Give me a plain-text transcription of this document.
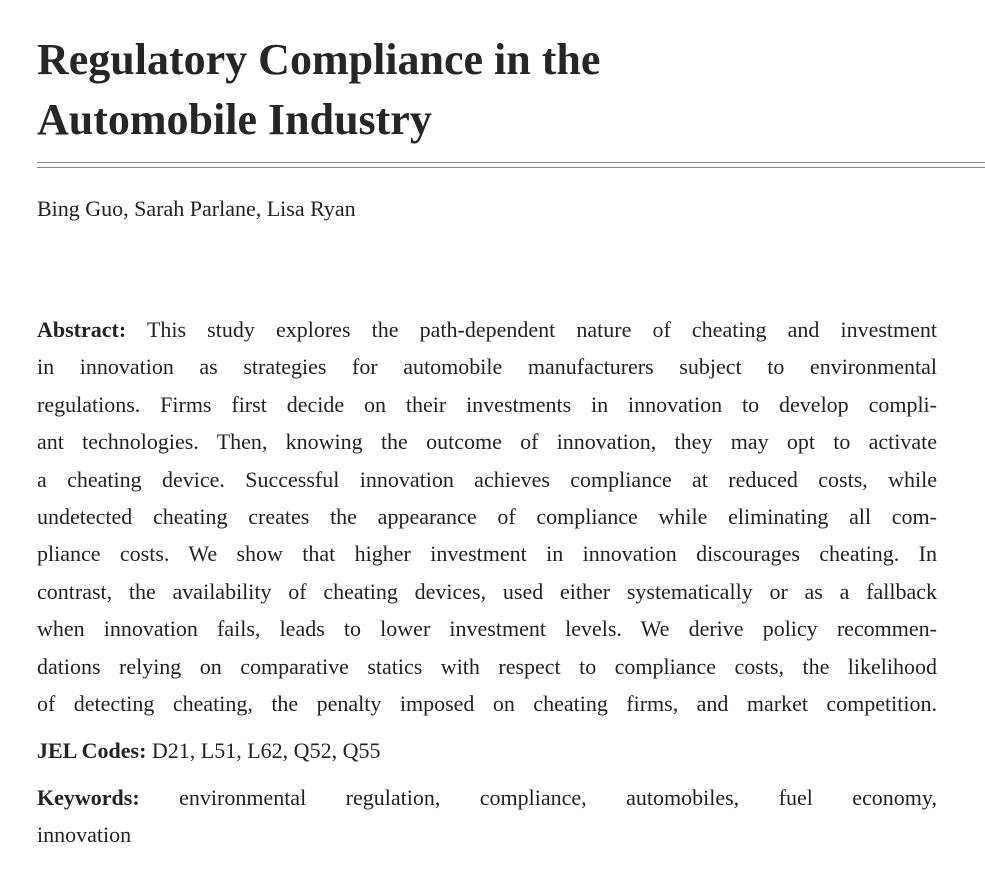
Regulatory Compliance in the
Automobile Industry
Bing Guo, Sarah Parlane, Lisa Ryan
Abstract: This study explores the path-dependent nature of cheating and investment
in innovation as strategies for automobile manufacturers subject to environmental
regulations. Firms first decide on their investments in innovation to develop compli-
ant technologies. Then, knowing the outcome of innovation, they may opt to activate
a cheating device. Successful innovation achieves compliance at reduced costs, while
undetected cheating creates the appearance of compliance while eliminating all com-
pliance costs. We show that higher investment in innovation discourages cheating. In
contrast, the availability of cheating devices, used either systematically or as a fallback
when innovation fails, leads to lower investment levels. We derive policy recommen-
dations relying on comparative statics with respect to compliance costs, the likelihood
of detecting cheating, the penalty imposed on cheating firms, and market competition.
JEL Codes: D21, L51, L62, Q52, Q55
Keywords: environmental regulation, compliance, automobiles, fuel economy,
innovation
